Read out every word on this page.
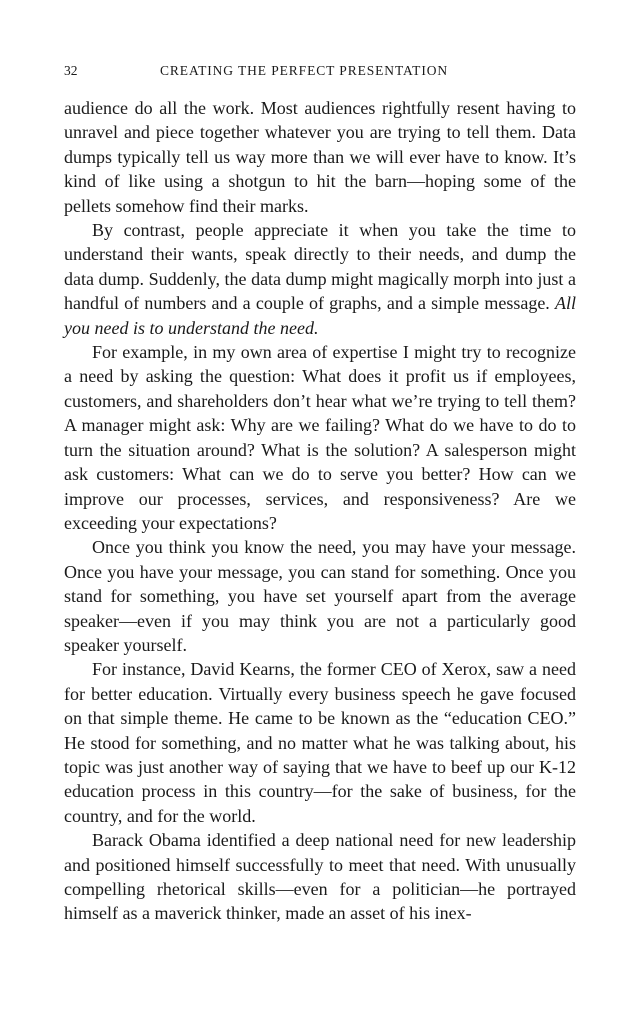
32	CREATING THE PERFECT PRESENTATION

audience do all the work. Most audiences rightfully resent having to unravel and piece together whatever you are trying to tell them. Data dumps typically tell us way more than we will ever have to know. It’s kind of like using a shotgun to hit the barn—hoping some of the pellets somehow find their marks.

By contrast, people appreciate it when you take the time to understand their wants, speak directly to their needs, and dump the data dump. Suddenly, the data dump might magically morph into just a handful of numbers and a couple of graphs, and a simple message. All you need is to understand the need.

For example, in my own area of expertise I might try to recognize a need by asking the question: What does it profit us if employees, customers, and shareholders don’t hear what we’re trying to tell them? A manager might ask: Why are we failing? What do we have to do to turn the situation around? What is the solution? A salesperson might ask customers: What can we do to serve you better? How can we improve our processes, services, and responsiveness? Are we exceeding your expectations?

Once you think you know the need, you may have your message. Once you have your message, you can stand for something. Once you stand for something, you have set yourself apart from the average speaker—even if you may think you are not a particularly good speaker yourself.

For instance, David Kearns, the former CEO of Xerox, saw a need for better education. Virtually every business speech he gave focused on that simple theme. He came to be known as the “education CEO.” He stood for something, and no matter what he was talking about, his topic was just another way of saying that we have to beef up our K-12 education process in this country—for the sake of business, for the country, and for the world.

Barack Obama identified a deep national need for new leadership and positioned himself successfully to meet that need. With unusually compelling rhetorical skills—even for a politician—he portrayed himself as a maverick thinker, made an asset of his inex-
